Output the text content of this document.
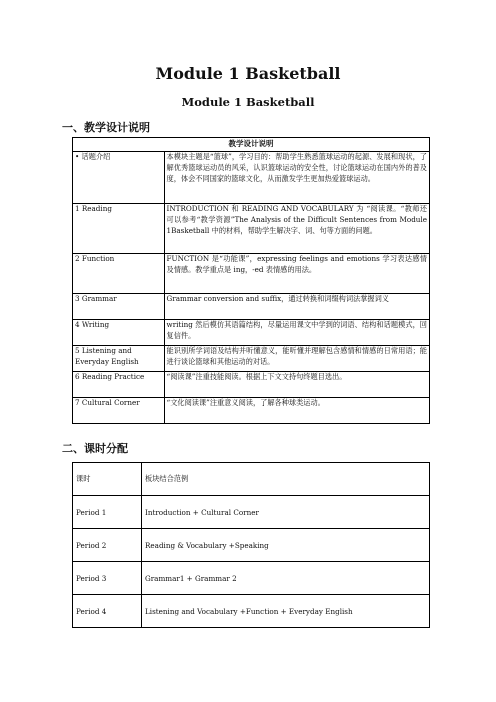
Module 1 Basketball
Module 1 Basketball
一、教学设计说明
教学设计说明	
• 话题介绍	本模块主题是“篮球”，学习目的：帮助学生熟悉篮球运动的起源、发展和现状，了解优秀篮球运动员的风采，认识篮球运动的安全性，讨论篮球运动在国内外的普及度，体会不同国家的篮球文化，从而激发学生更加热爱篮球运动。
1 Reading	INTRODUCTION 和 READING AND VOCABULARY 为 “阅读课。“教师还可以参考“教学资源”The Analysis of the Difficult Sentences from Module 1Basketball 中的材料，帮助学生解决字、词、句等方面的问题。
2 Function	FUNCTION 是“功能课”，expressing feelings and emotions 学习表达感情及情感。教学重点是 ing，-ed 表情感的用法。
3 Grammar	Grammar conversion and suffix，通过转换和词缀构词法掌握词义
4 Writing	writing 然后模仿其语篇结构，尽量运用课文中学到的词语、结构和话题模式，回复信件。
5 Listening and Everyday English	能识别所学词语及结构并听懂意义，能听懂并理解包含感情和情感的日常用语；能进行谈论篮球和其他运动的对话。
6 Reading Practice	“阅读课”注重技能阅读。根据上下文文持句终题目选出。
7 Cultural Corner	“文化阅读课”注重意义阅读，了解各种球类运动。
二、课时分配
课时	板块结合范例
Period 1	Introduction + Cultural Corner
Period 2	Reading & Vocabulary +Speaking
Period 3	Grammar1 + Grammar 2
Period 4	Listening and Vocabulary +Function + Everyday English
